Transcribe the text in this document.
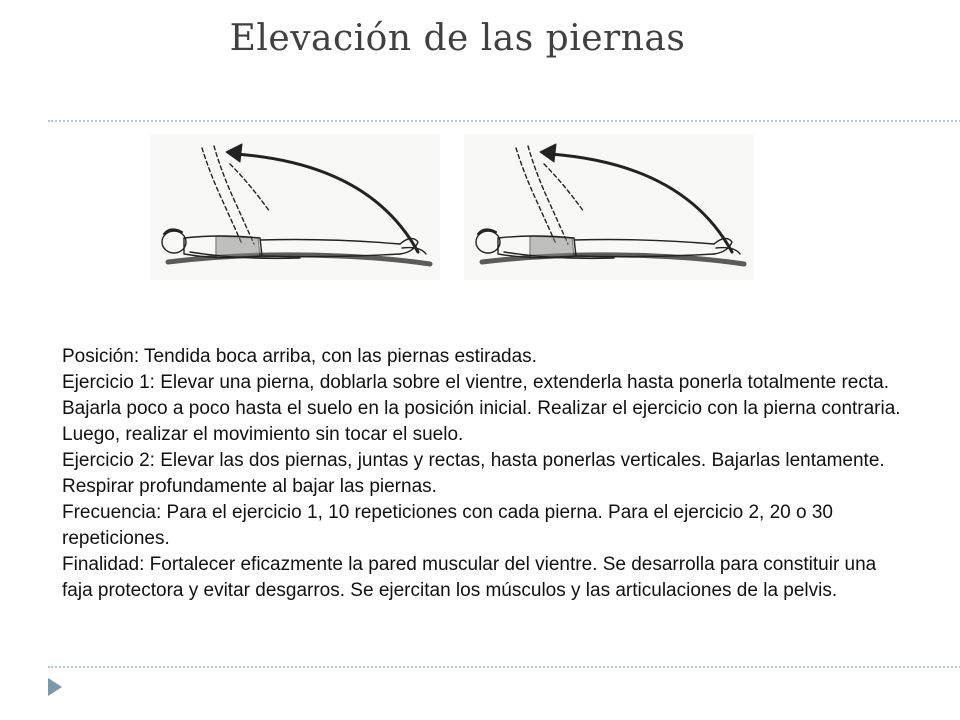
Elevación de las piernas

Posición: Tendida boca arriba, con las piernas estiradas.

Ejercicio 1: Elevar una pierna, doblarla sobre el vientre, extenderla hasta ponerla totalmente recta. Bajarla poco a poco hasta el suelo en la posición inicial. Realizar el ejercicio con la pierna contraria. Luego, realizar el movimiento sin tocar el suelo.

Ejercicio 2: Elevar las dos piernas, juntas y rectas, hasta ponerlas verticales. Bajarlas lentamente. Respirar profundamente al bajar las piernas.

Frecuencia: Para el ejercicio 1, 10 repeticiones con cada pierna. Para el ejercicio 2, 20 o 30 repeticiones.

Finalidad: Fortalecer eficazmente la pared muscular del vientre. Se desarrolla para constituir una faja protectora y evitar desgarros. Se ejercitan los músculos y las articulaciones de la pelvis.
